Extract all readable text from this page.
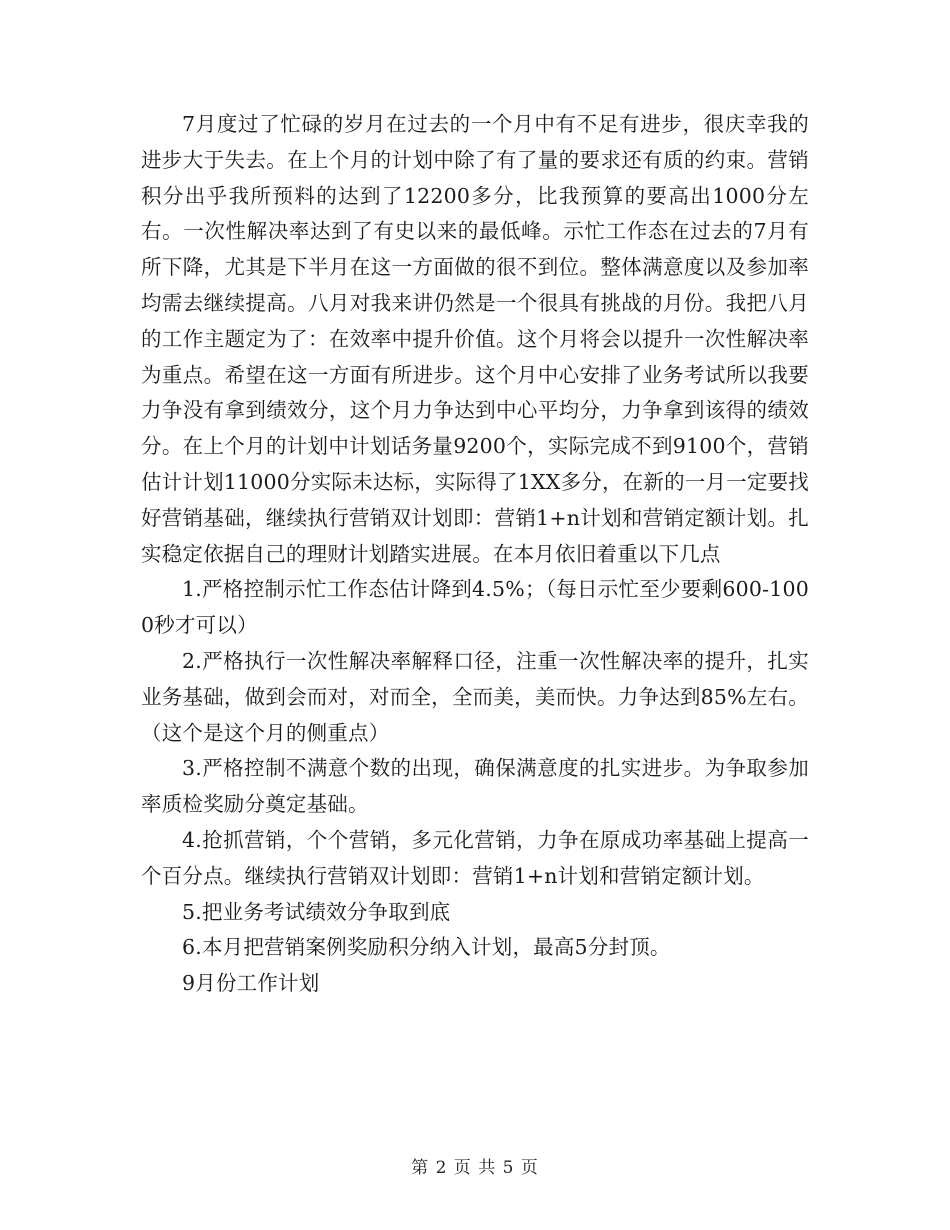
7月度过了忙碌的岁月在过去的一个月中有不足有进步，很庆幸我的进步大于失去。在上个月的计划中除了有了量的要求还有质的约束。营销积分出乎我所预料的达到了12200多分，比我预算的要高出1000分左右。一次性解决率达到了有史以来的最低峰。示忙工作态在过去的7月有所下降，尤其是下半月在这一方面做的很不到位。整体满意度以及参加率均需去继续提高。八月对我来讲仍然是一个很具有挑战的月份。我把八月的工作主题定为了：在效率中提升价值。这个月将会以提升一次性解决率为重点。希望在这一方面有所进步。这个月中心安排了业务考试所以我要力争没有拿到绩效分，这个月力争达到中心平均分，力争拿到该得的绩效分。在上个月的计划中计划话务量9200个，实际完成不到9100个，营销估计计划11000分实际未达标，实际得了1XX多分，在新的一月一定要找好营销基础，继续执行营销双计划即：营销1+n计划和营销定额计划。扎实稳定依据自己的理财计划踏实进展。在本月依旧着重以下几点

1.严格控制示忙工作态估计降到4.5%；（每日示忙至少要剩600-1000秒才可以）

2.严格执行一次性解决率解释口径，注重一次性解决率的提升，扎实业务基础，做到会而对，对而全，全而美，美而快。力争达到85%左右。（这个是这个月的侧重点）

3.严格控制不满意个数的出现，确保满意度的扎实进步。为争取参加率质检奖励分奠定基础。

4.抢抓营销，个个营销，多元化营销，力争在原成功率基础上提高一个百分点。继续执行营销双计划即：营销1+n计划和营销定额计划。

5.把业务考试绩效分争取到底

6.本月把营销案例奖励积分纳入计划，最高5分封顶。

9月份工作计划

第 2 页 共 5 页
